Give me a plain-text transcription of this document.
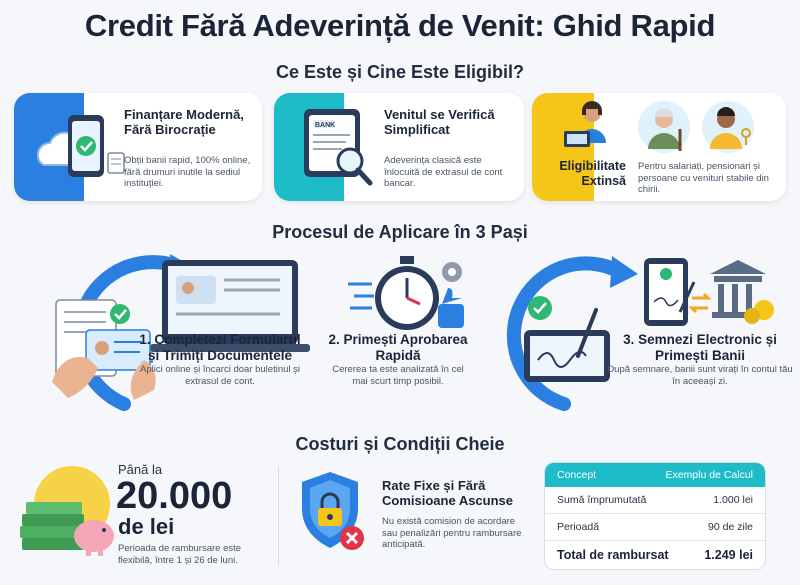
Credit Fără Adeverință de Venit: Ghid Rapid
Ce Este și Cine Este Eligibil?
Finanțare Modernă, Fără Birocrație
Obții banii rapid, 100% online, fără drumuri inutile la sediul instituției.
BANK
Venitul se Verifică Simplificat
Adeverința clasică este înlocuită de extrasul de cont bancar.
Eligibilitate Extinsă
Pentru salariați, pensionari și persoane cu venituri stabile din chirii.
Procesul de Aplicare în 3 Pași
1. Completezi Formularul și Trimiți Documentele
Aplici online și încarci doar buletinul și extrasul de cont.
2. Primești Aprobarea Rapidă
Cererea ta este analizată în cel mai scurt timp posibil.
3. Semnezi Electronic și Primești Banii
După semnare, banii sunt virați în contul tău în aceeași zi.
Costuri și Condiții Cheie
Până la
20.000
de lei
Perioada de rambursare este flexibilă, între 1 și 26 de luni.
Rate Fixe și Fără Comisioane Ascunse
Nu există comision de acordare sau penalizări pentru rambursare anticipată.
Concept	Exemplu de Calcul
Sumă împrumutată	1.000 lei
Perioadă	90 de zile
Total de rambursat	1.249 lei
